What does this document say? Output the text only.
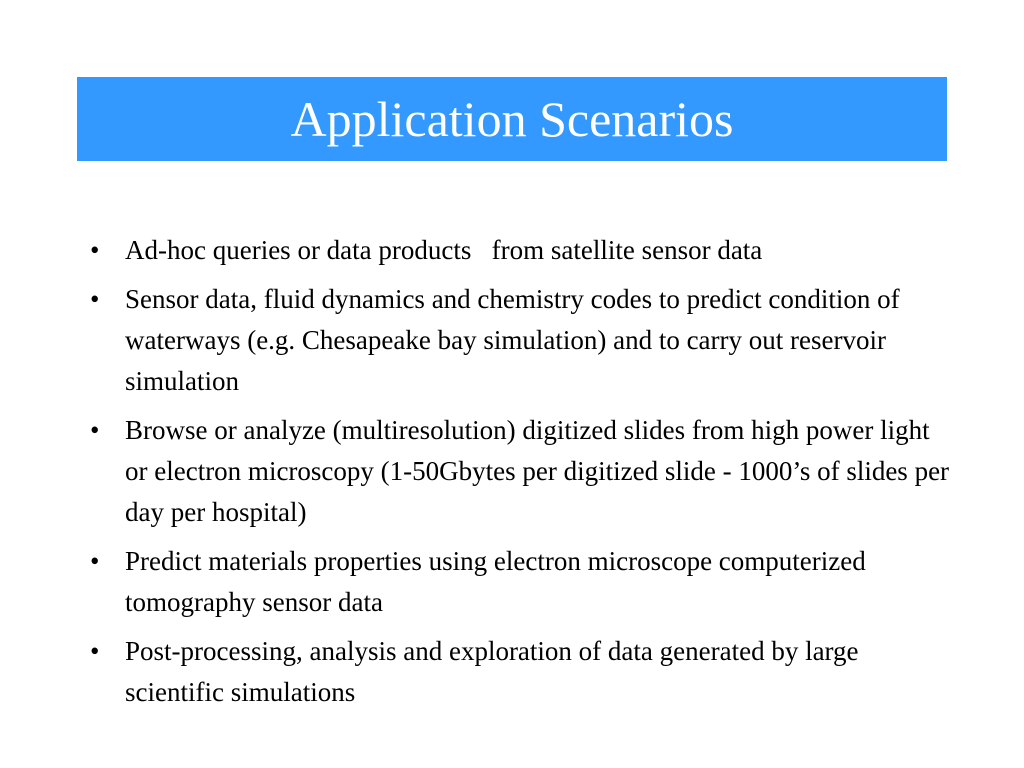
Application Scenarios
• Ad-hoc queries or data products   from satellite sensor data
• Sensor data, fluid dynamics and chemistry codes to predict condition of waterways (e.g. Chesapeake bay simulation) and to carry out reservoir simulation
• Browse or analyze (multiresolution) digitized slides from high power light or electron microscopy (1-50Gbytes per digitized slide - 1000’s of slides per day per hospital)
• Predict materials properties using electron microscope computerized tomography sensor data
• Post-processing, analysis and exploration of data generated by large scientific simulations
